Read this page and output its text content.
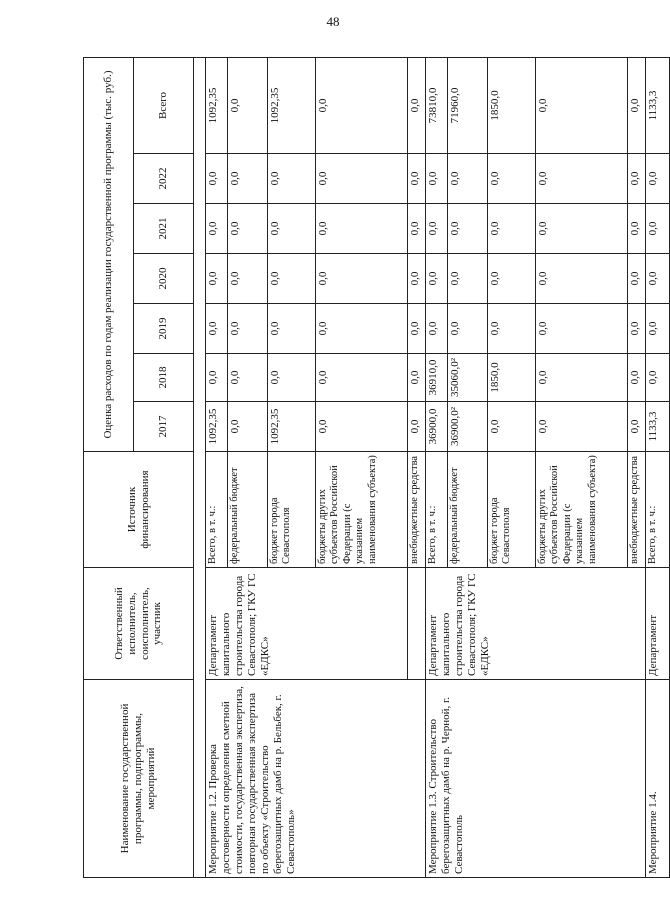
48
Наименование государственной программы, подпрограммы, мероприятий	Ответственный исполнитель, соисполнитель, участник	Источник финансирования	Оценка расходов по годам реализации государственной программы (тыс. руб.)						
			2017	2018	2019	2020	2021	2022	Всего

Мероприятие 1.2. Проверка достоверности определения сметной стоимости, государственная экспертиза, повторная государственная экспертиза по объекту «Строительство берегозащитных дамб на р. Бельбек, г. Севастополь»	Департамент капитального строительства города Севастополя; ГКУ ГС «ЕДКС»	Всего, в т. ч.:	1092,35	0,0	0,0	0,0	0,0	0,0	1092,35
		федеральный бюджет	0,0	0,0	0,0	0,0	0,0	0,0	0,0
		бюджет города Севастополя	1092,35	0,0	0,0	0,0	0,0	0,0	1092,35
		бюджеты других субъектов Российской Федерации (с указанием наименования субъекта)	0,0	0,0	0,0	0,0	0,0	0,0	0,0
		внебюджетные средства	0,0	0,0	0,0	0,0	0,0	0,0	0,0
Мероприятие 1.3. Строительство берегозащитных дамб на р. Черной, г. Севастополь	Департамент капитального строительства города Севастополя; ГКУ ГС «ЕДКС»	Всего, в т. ч.:	36900,0	36910,0	0,0	0,0	0,0	0,0	73810,0
		федеральный бюджет	36900,0²	35060,0²	0,0	0,0	0,0	0,0	71960,0
		бюджет города Севастополя	0,0	1850,0	0,0	0,0	0,0	0,0	1850,0
		бюджеты других субъектов Российской Федерации (с указанием наименования субъекта)	0,0	0,0	0,0	0,0	0,0	0,0	0,0
		внебюджетные средства	0,0	0,0	0,0	0,0	0,0	0,0	0,0
Мероприятие 1.4.	Департамент	Всего, в т. ч.:	1133,3	0,0	0,0	0,0	0,0	0,0	1133,3
